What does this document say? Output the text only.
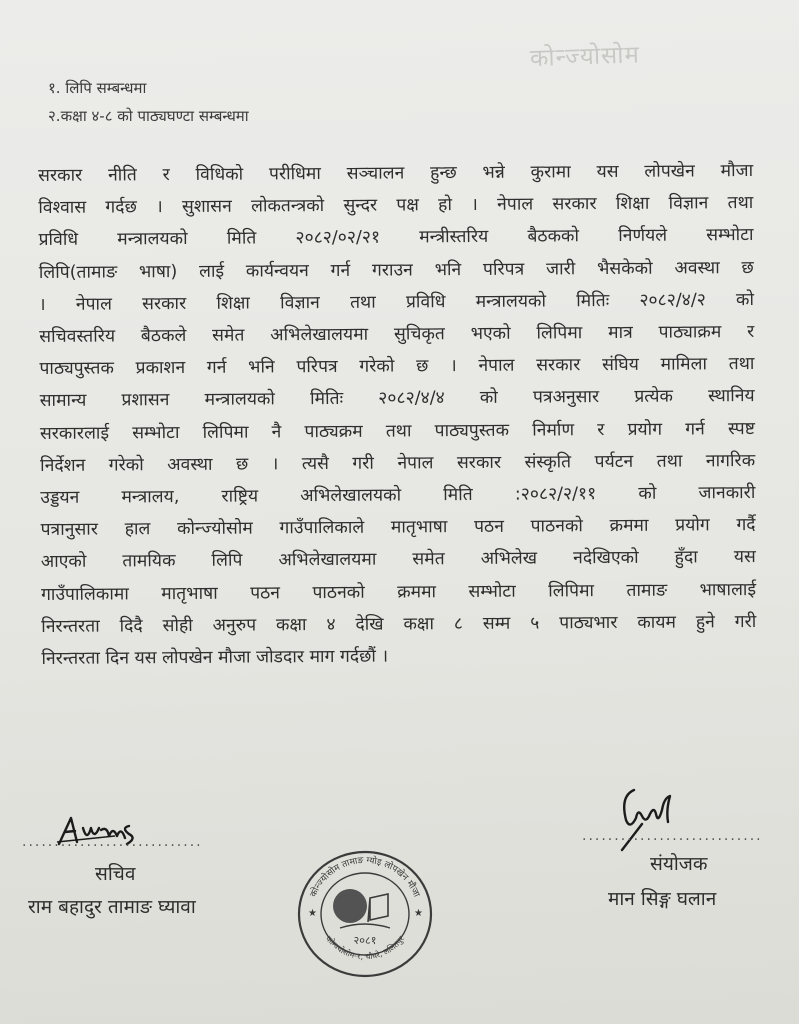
कोन्ज्योसोम
१. लिपि सम्बन्धमा
२.कक्षा ४-८ को पाठ्यघण्टा सम्बन्धमा
सरकार नीति र विधिको परीधिमा सञ्चालन हुन्छ भन्ने कुरामा यस लोपखेन मौजा
विश्वास गर्दछ । सुशासन लोकतन्त्रको सुन्दर पक्ष हो । नेपाल सरकार शिक्षा विज्ञान तथा
प्रविधि मन्त्रालयको मिति २०८२/०२/२१ मन्त्रीस्तरिय बैठकको निर्णयले सम्भोटा
लिपि(तामाङ भाषा) लाई कार्यन्वयन गर्न गराउन भनि परिपत्र जारी भैसकेको अवस्था छ
। नेपाल सरकार शिक्षा विज्ञान तथा प्रविधि मन्त्रालयको मितिः २०८२/४/२ को
सचिवस्तरिय बैठकले समेत अभिलेखालयमा सुचिकृत भएको लिपिमा मात्र पाठ्याक्रम र
पाठ्यपुस्तक प्रकाशन गर्न भनि परिपत्र गरेको छ । नेपाल सरकार संघिय मामिला तथा
सामान्य प्रशासन मन्त्रालयको मितिः २०८२/४/४ को पत्रअनुसार प्रत्येक स्थानिय
सरकारलाई सम्भोटा लिपिमा नै पाठ्यक्रम तथा पाठ्यपुस्तक निर्माण र प्रयोग गर्न स्पष्ट
निर्देशन गरेको अवस्था छ । त्यसै गरी नेपाल सरकार संस्कृति पर्यटन तथा नागरिक
उड्डयन मन्त्रालय, राष्ट्रिय अभिलेखालयको मिति :२०८२/२/११ को जानकारी
पत्रानुसार हाल कोन्ज्योसोम गाउँपालिकाले मातृभाषा पठन पाठनको क्रममा प्रयोग गर्दै
आएको तामयिक लिपि अभिलेखालयमा समेत अभिलेख नदेखिएको हुँदा यस
गाउँपालिकामा मातृभाषा पठन पाठनको क्रममा सम्भोटा लिपिमा तामाङ भाषालाई
निरन्तरता दिदै सोही अनुरुप कक्षा ४ देखि कक्षा ८ सम्म ५ पाठ्यभार कायम हुने गरी
निरन्तरता दिन यस लोपखेन मौजा जोडदार माग गर्दछौं ।
............................
सचिव
राम बहादुर तामाङ घ्यावा
............................
संयोजक
मान सिङ्ग घलान
कोन्ज्योसोम तामाङ ग्योइ लोपखेन मौजा
कोन्ज्योसोम-१, चौघरे, ललितपुर
२०८१
★	★
